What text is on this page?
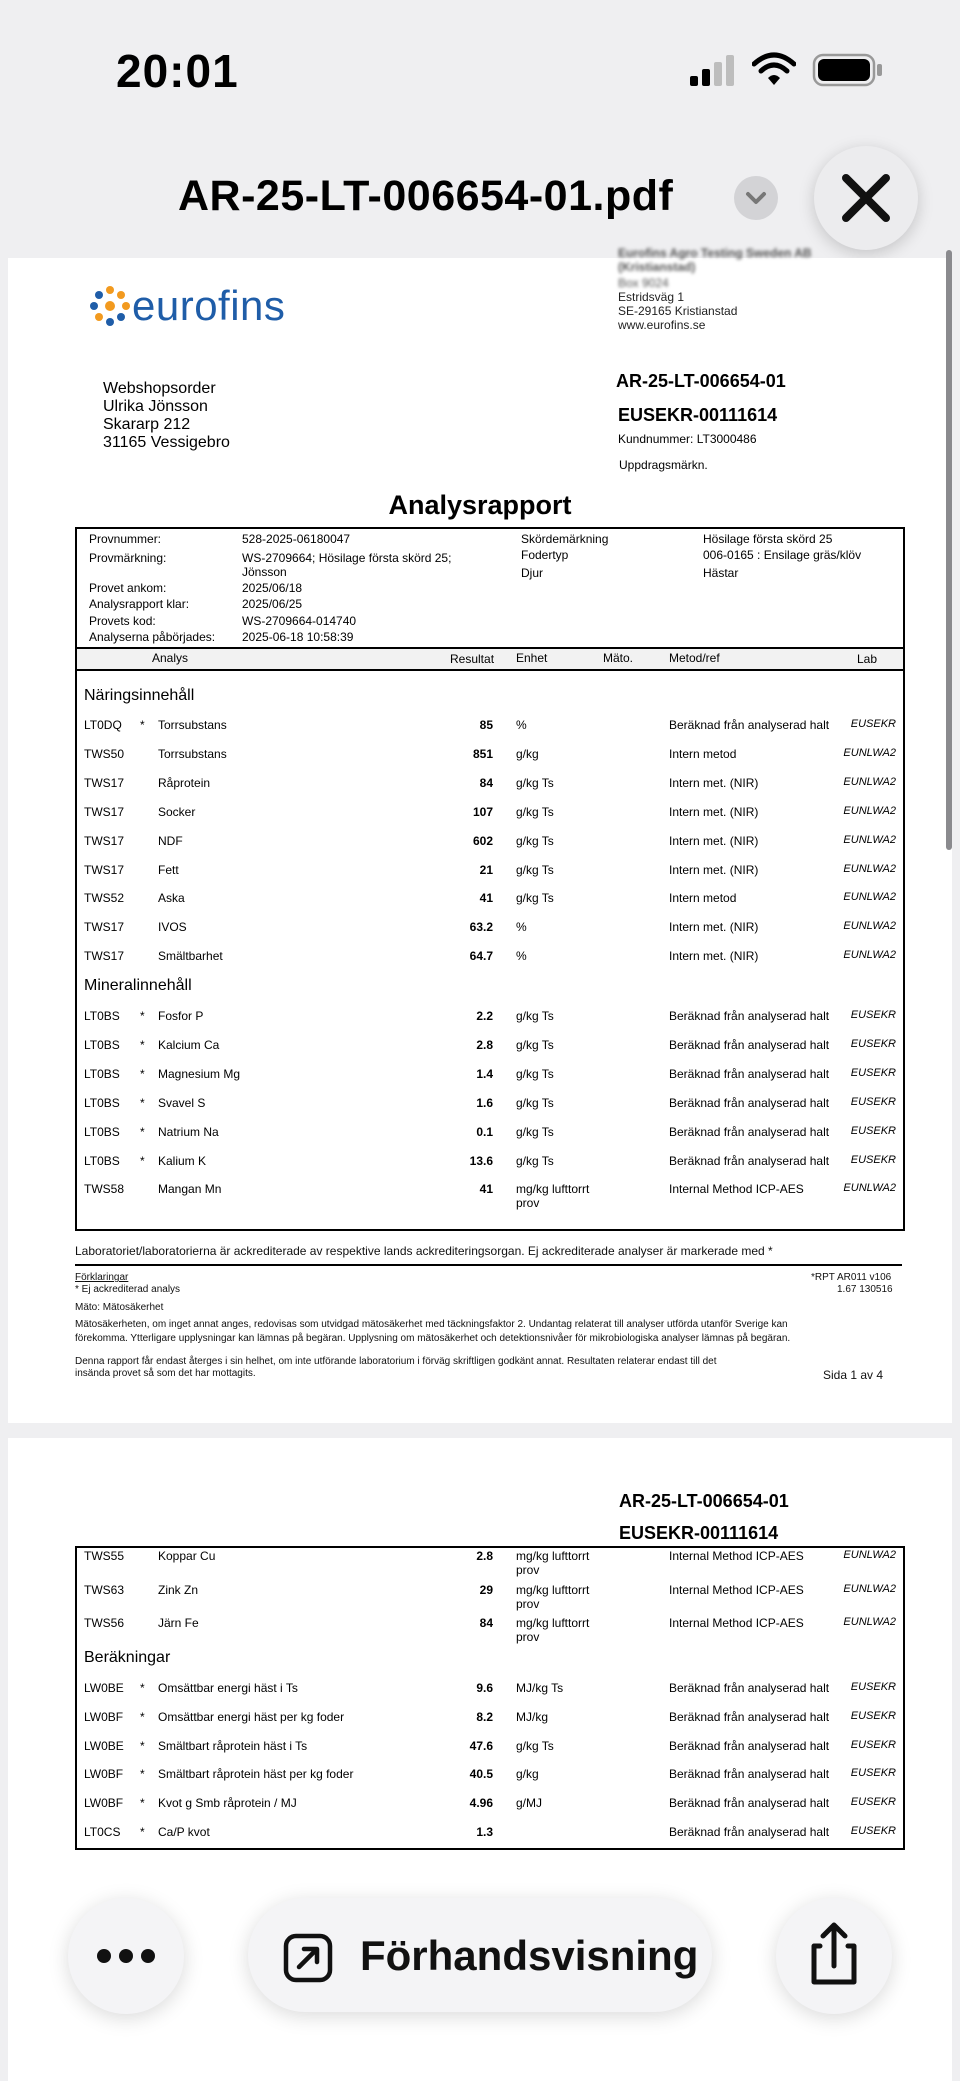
20:01
AR-25-LT-006654-01.pdf
eurofins
Eurofins Agro Testing Sweden AB
(Kristianstad)
Box 9024
Estridsväg 1
SE-29165 Kristianstad
www.eurofins.se
Webshopsorder
Ulrika Jönsson
Skararp 212
31165 Vessigebro
AR-25-LT-006654-01
EUSEKR-00111614
Kundnummer: LT3000486
Uppdragsmärkn.
Analysrapport
Provnummer:	528-2025-06180047
Provmärkning:	WS-2709664; Hösilage första skörd 25;
Jönsson
Provet ankom:	2025/06/18
Analysrapport klar:	2025/06/25
Provets kod:	WS-2709664-014740
Analyserna påbörjades: 2025-06-18 10:58:39
Skördemärkning	Hösilage första skörd 25
Fodertyp	006-0165 : Ensilage gräs/klöv
Djur	Hästar
Analys	Resultat Enhet	Mäto.	Metod/ref	Lab
Näringsinnehåll
LT0DQ * Torrsubstans	85 %	Beräknad från analyserad halt EUSEKR
TWS50	Torrsubstans	851 g/kg	Intern metod	EUNLWA2
TWS17	Råprotein	84 g/kg Ts	Intern met. (NIR)	EUNLWA2
TWS17	Socker	107 g/kg Ts	Intern met. (NIR)	EUNLWA2
TWS17	NDF	602 g/kg Ts	Intern met. (NIR)	EUNLWA2
TWS17	Fett	21 g/kg Ts	Intern met. (NIR)	EUNLWA2
TWS52	Aska	41 g/kg Ts	Intern metod	EUNLWA2
TWS17	IVOS	63.2 %	Intern met. (NIR)	EUNLWA2
TWS17	Smältbarhet	64.7 %	Intern met. (NIR)	EUNLWA2
Mineralinnehåll
LT0BS * Fosfor P	2.2 g/kg Ts	Beräknad från analyserad halt EUSEKR
LT0BS * Kalcium Ca	2.8 g/kg Ts	Beräknad från analyserad halt EUSEKR
LT0BS * Magnesium Mg	1.4 g/kg Ts	Beräknad från analyserad halt EUSEKR
LT0BS * Svavel S	1.6 g/kg Ts	Beräknad från analyserad halt EUSEKR
LT0BS * Natrium Na	0.1 g/kg Ts	Beräknad från analyserad halt EUSEKR
LT0BS * Kalium K	13.6 g/kg Ts	Beräknad från analyserad halt EUSEKR
TWS58	Mangan Mn	41 mg/kg lufttorrt
prov
Internal Method ICP-AES	EUNLWA2
Laboratoriet/laboratorierna är ackrediterade av respektive lands ackrediteringsorgan. Ej ackrediterade analyser är markerade med *
Förklaringar
* Ej ackrediterad analys
Mäto: Mätosäkerhet
*RPT AR011 v106
1.67 130516
Mätosäkerheten, om inget annat anges, redovisas som utvidgad mätosäkerhet med täckningsfaktor 2. Undantag relaterat till analyser utförda utanför Sverige kan
förekomma. Ytterligare upplysningar kan lämnas på begäran. Upplysning om mätosäkerhet och detektionsnivåer för mikrobiologiska analyser lämnas på begäran.
Denna rapport får endast återges i sin helhet, om inte utförande laboratorium i förväg skriftligen godkänt annat. Resultaten relaterar endast till det
insända provet så som det har mottagits.	Sida 1 av 4
AR-25-LT-006654-01
EUSEKR-00111614
TWS55	Koppar Cu	2.8 mg/kg lufttorrt
prov
Internal Method ICP-AES	EUNLWA2
TWS63	Zink Zn	29 mg/kg lufttorrt
prov
Internal Method ICP-AES	EUNLWA2
TWS56	Järn Fe	84 mg/kg lufttorrt
prov
Internal Method ICP-AES	EUNLWA2
Beräkningar
LW0BE * Omsättbar energi häst i Ts	9.6 MJ/kg Ts	Beräknad från analyserad halt EUSEKR
LW0BF * Omsättbar energi häst per kg foder	8.2 MJ/kg	Beräknad från analyserad halt EUSEKR
LW0BE * Smältbart råprotein häst i Ts	47.6 g/kg Ts	Beräknad från analyserad halt EUSEKR
LW0BF * Smältbart råprotein häst per kg foder	40.5 g/kg	Beräknad från analyserad halt EUSEKR
LW0BF * Kvot g Smb råprotein / MJ	4.96 g/MJ	Beräknad från analyserad halt EUSEKR
LT0CS * Ca/P kvot	1.3	Beräknad från analyserad halt EUSEKR
Förhandsvisning
